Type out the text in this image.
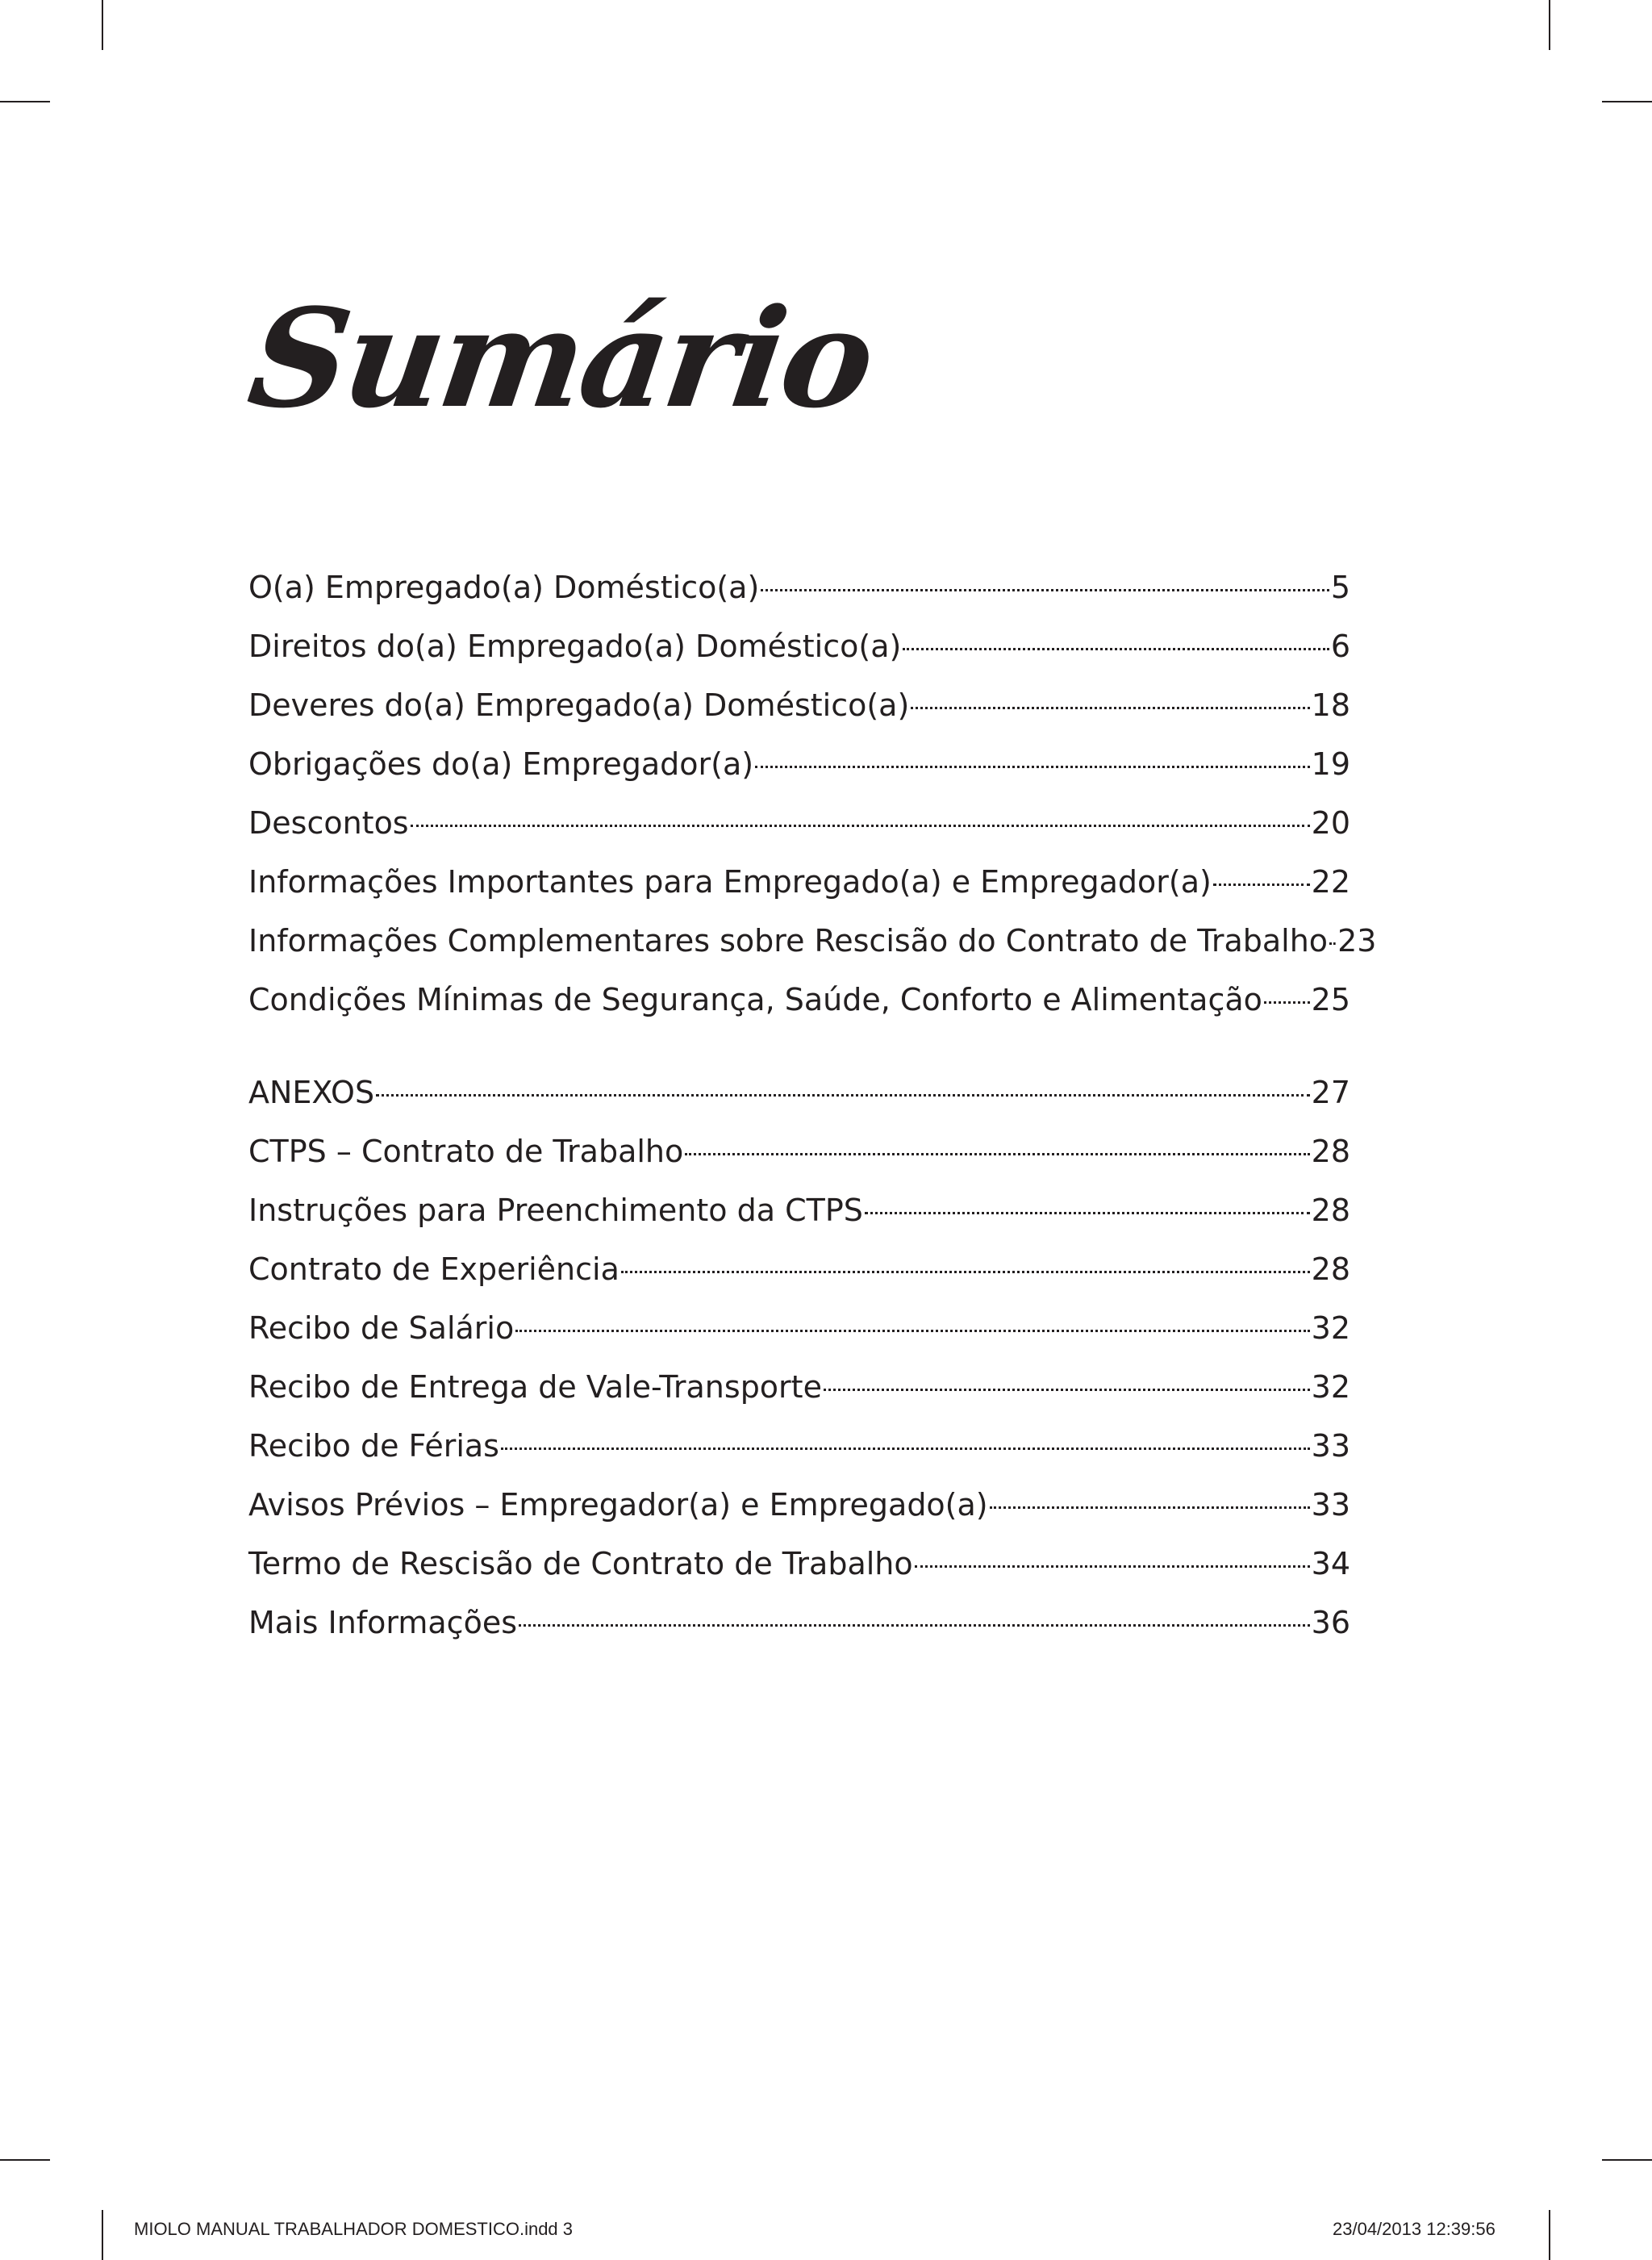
Sumário
O(a) Empregado(a) Doméstico(a)	5
Direitos do(a) Empregado(a) Doméstico(a)	6
Deveres do(a) Empregado(a) Doméstico(a)	18
Obrigações do(a) Empregador(a)	19
Descontos	20
Informações Importantes para Empregado(a) e Empregador(a)	22
Informações Complementares sobre Rescisão do Contrato de Trabalho 23
Condições Mínimas de Segurança, Saúde, Conforto e Alimentação 25
ANEXOS	27
CTPS – Contrato de Trabalho	28
Instruções para Preenchimento da CTPS	28
Contrato de Experiência	28
Recibo de Salário	32
Recibo de Entrega de Vale-Transporte	32
Recibo de Férias	33
Avisos Prévios – Empregador(a) e Empregado(a)	33
Termo de Rescisão de Contrato de Trabalho	34
Mais Informações	36
MIOLO MANUAL TRABALHADOR DOMESTICO.indd 3	23/04/2013 12:39:56
